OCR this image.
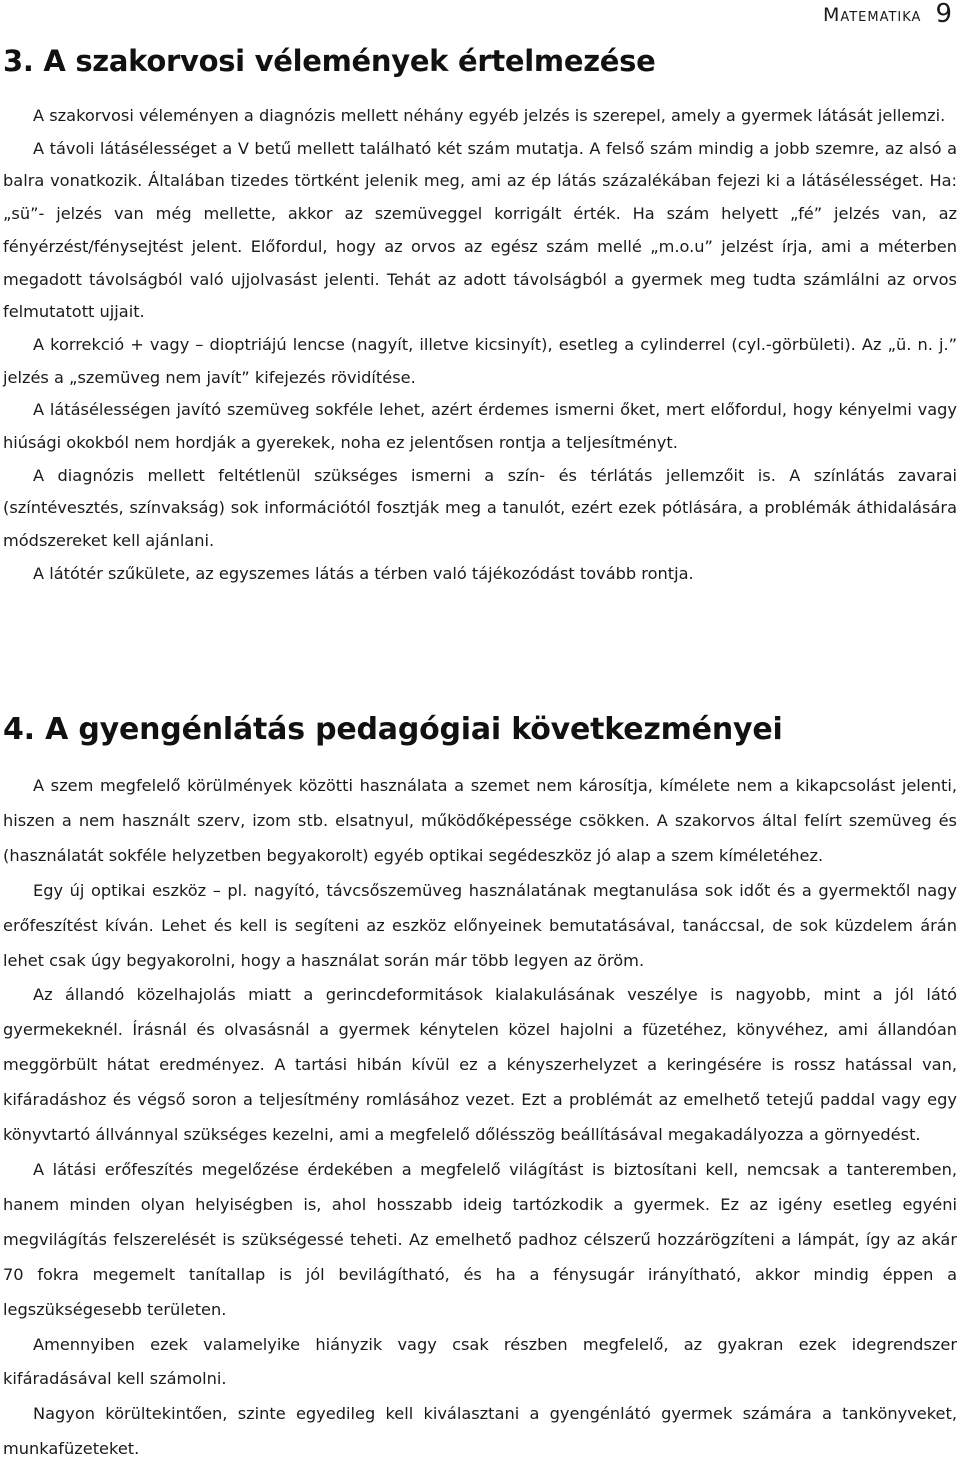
Matematika 9
3. A szakorvosi vélemények értelmezése

A szakorvosi véleményen a diagnózis mellett néhány egyéb jelzés is szerepel, amely a gyermek látását jellemzi.

A távoli látásélességet a V betű mellett található két szám mutatja. A felső szám mindig a jobb szemre, az alsó a balra vonatkozik. Általában tizedes törtként jelenik meg, ami az ép látás százalékában fejezi ki a látásélességet. Ha: „sü”- jelzés van még mellette, akkor az szemüveggel korrigált érték. Ha szám helyett „fé” jelzés van, az fényérzést/fénysejtést jelent. Előfordul, hogy az orvos az egész szám mellé „m.o.u” jelzést írja, ami a méterben megadott távolságból való ujjolvasást jelenti. Tehát az adott távolságból a gyermek meg tudta számlálni az orvos felmutatott ujjait.

A korrekció + vagy – dioptriájú lencse (nagyít, illetve kicsinyít), esetleg a cylinderrel (cyl.-görbületi). Az „ü. n. j.” jelzés a „szemüveg nem javít” kifejezés rövidítése.

A látásélességen javító szemüveg sokféle lehet, azért érdemes ismerni őket, mert előfordul, hogy kényelmi vagy hiúsági okokból nem hordják a gyerekek, noha ez jelentősen rontja a teljesítményt.

A diagnózis mellett feltétlenül szükséges ismerni a szín- és térlátás jellemzőit is. A színlátás zavarai (színtévesztés, színvakság) sok információtól fosztják meg a tanulót, ezért ezek pótlására, a problémák áthidalására módszereket kell ajánlani.

A látótér szűkülete, az egyszemes látás a térben való tájékozódást tovább rontja.

4. A gyengénlátás pedagógiai következményei

A szem megfelelő körülmények közötti használata a szemet nem károsítja, kímélete nem a kikapcsolást jelenti, hiszen a nem használt szerv, izom stb. elsatnyul, működőképessége csökken. A szakorvos által felírt szemüveg és (használatát sokféle helyzetben begyakorolt) egyéb optikai segédeszköz jó alap a szem kíméletéhez.

Egy új optikai eszköz – pl. nagyító, távcsőszemüveg használatának megtanulása sok időt és a gyermektől nagy erőfeszítést kíván. Lehet és kell is segíteni az eszköz előnyeinek bemutatásával, tanáccsal, de sok küzdelem árán lehet csak úgy begyakorolni, hogy a használat során már több legyen az öröm.

Az állandó közelhajolás miatt a gerincdeformitások kialakulásának veszélye is nagyobb, mint a jól látó gyermekeknél. Írásnál és olvasásnál a gyermek kénytelen közel hajolni a füzetéhez, könyvéhez, ami állandóan meggörbült hátat eredményez. A tartási hibán kívül ez a kényszerhelyzet a keringésére is rossz hatással van, kifáradáshoz és végső soron a teljesítmény romlásához vezet. Ezt a problémát az emelhető tetejű paddal vagy egy könyvtartó állvánnyal szükséges kezelni, ami a megfelelő dőlésszög beállításával megakadályozza a görnyedést.

A látási erőfeszítés megelőzése érdekében a megfelelő világítást is biztosítani kell, nemcsak a tanteremben, hanem minden olyan helyiségben is, ahol hosszabb ideig tartózkodik a gyermek. Ez az igény esetleg egyéni megvilágítás felszerelését is szükségessé teheti. Az emelhető padhoz célszerű hozzárögzíteni a lámpát, így az akár 70 fokra megemelt tanítallap is jól bevilágítható, és ha a fénysugár irányítható, akkor mindig éppen a legszükségesebb területen.

Amennyiben ezek valamelyike hiányzik vagy csak részben megfelelő, az gyakran ezek idegrendszer kifáradásával kell számolni.

Nagyon körültekintően, szinte egyedileg kell kiválasztani a gyengénlátó gyermek számára a tankönyveket, munkafüzeteket.
